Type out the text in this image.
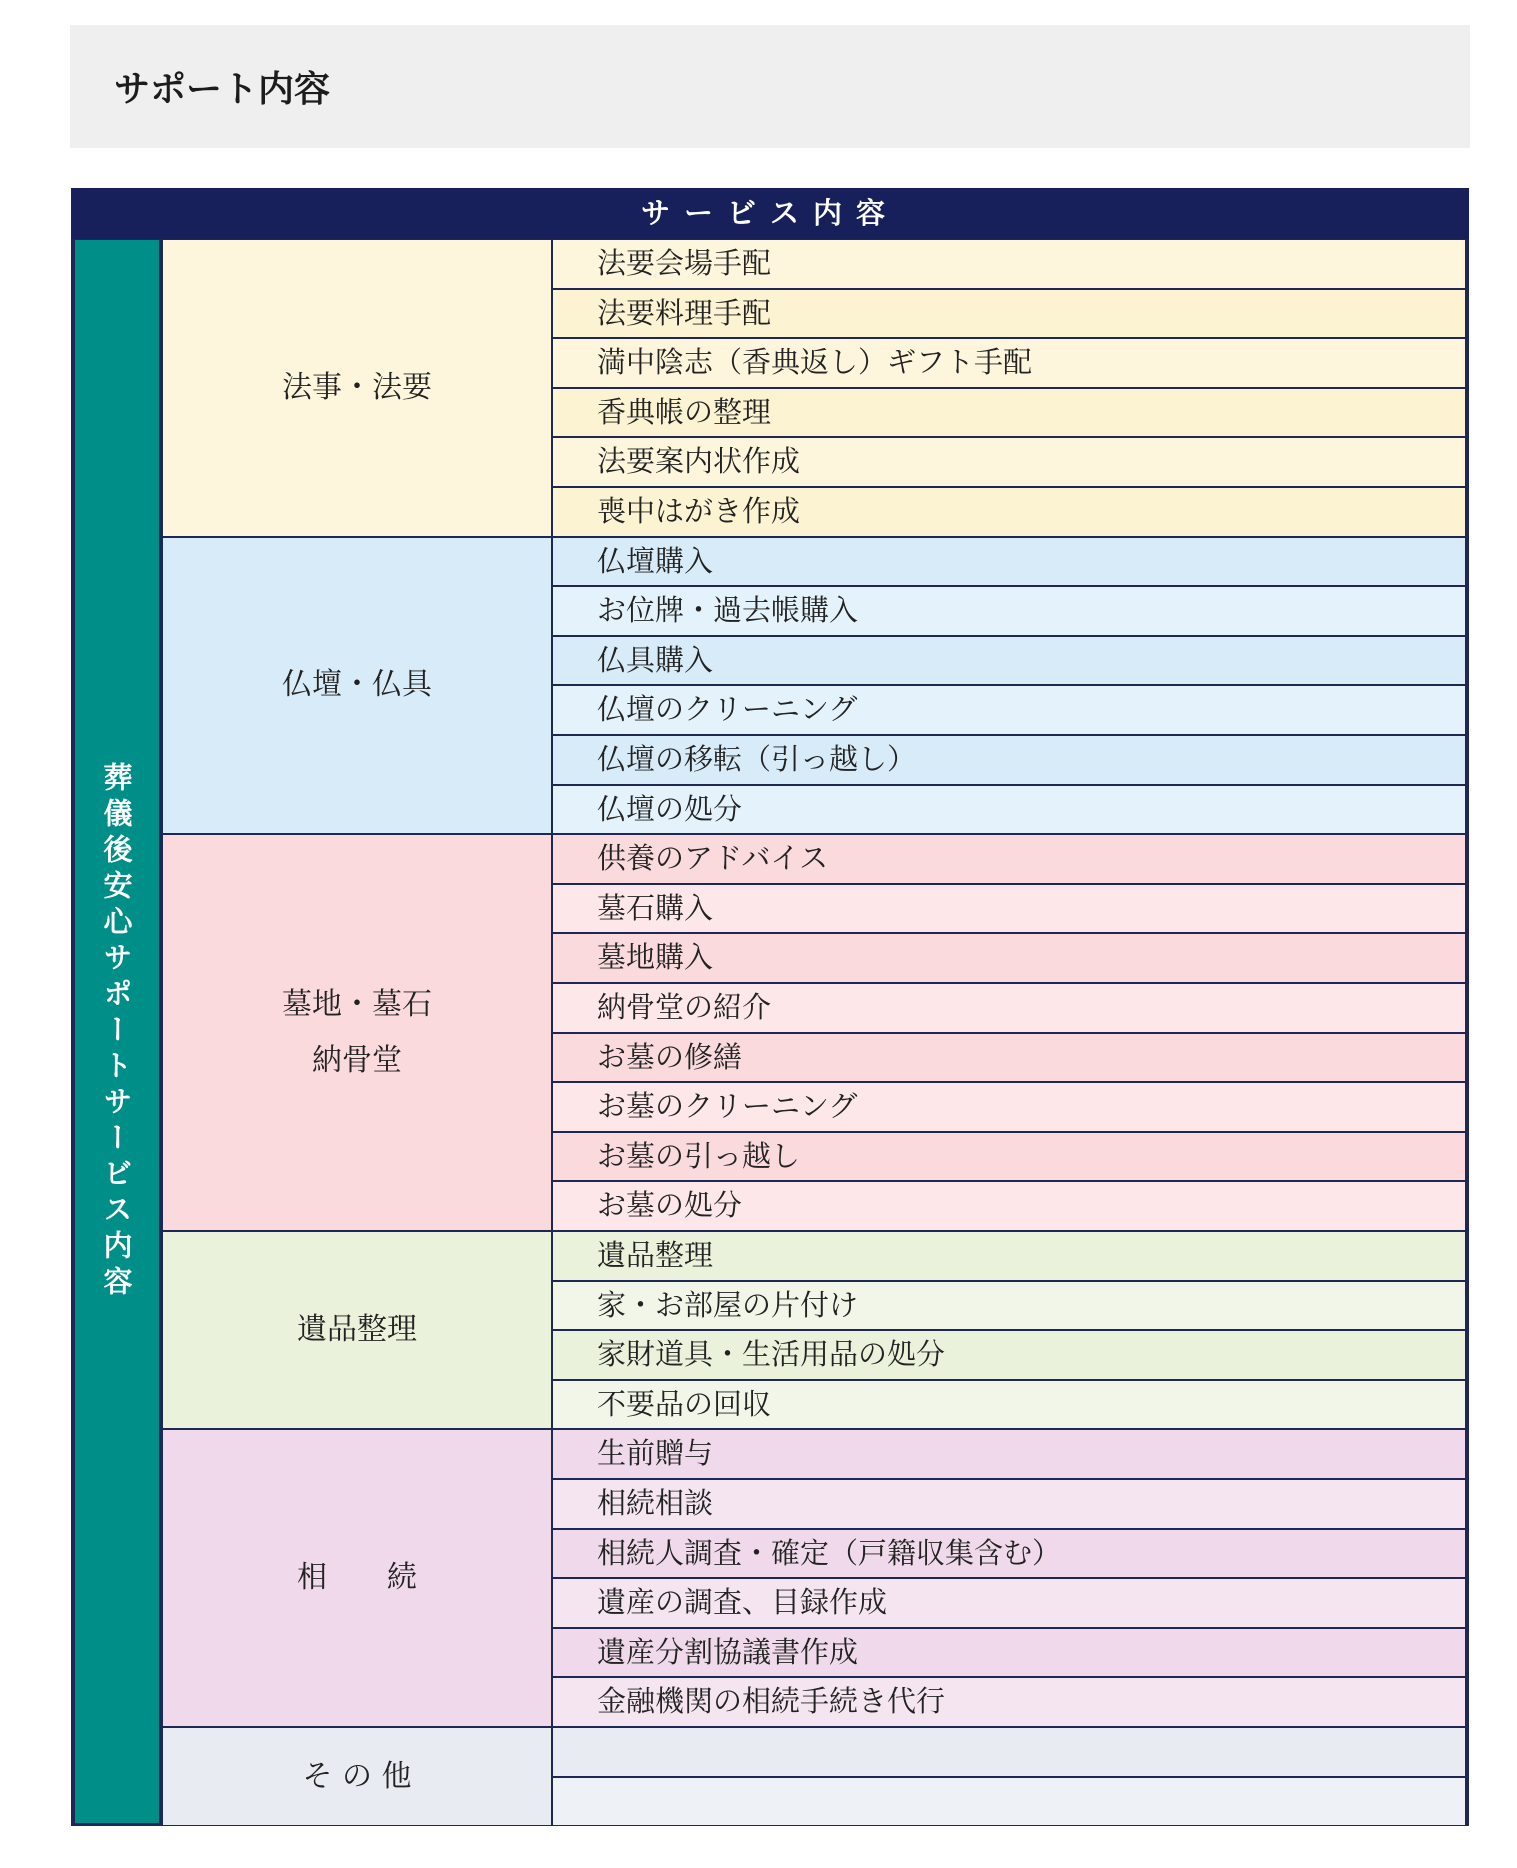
サポート内容
サービス内容
葬儀後安心サポートサービス内容
法事・法要
法要会場手配
法要料理手配
満中陰志（香典返し）ギフト手配
香典帳の整理
法要案内状作成
喪中はがき作成
仏壇・仏具
仏壇購入
お位牌・過去帳購入
仏具購入
仏壇のクリーニング
仏壇の移転（引っ越し）
仏壇の処分
墓地・墓石
納骨堂
供養のアドバイス
墓石購入
墓地購入
納骨堂の紹介
お墓の修繕
お墓のクリーニング
お墓の引っ越し
お墓の処分
遺品整理
遺品整理
家・お部屋の片付け
家財道具・生活用品の処分
不要品の回収
相　　続
生前贈与
相続相談
相続人調査・確定（戸籍収集含む）
遺産の調査、目録作成
遺産分割協議書作成
金融機関の相続手続き代行
そ の 他
